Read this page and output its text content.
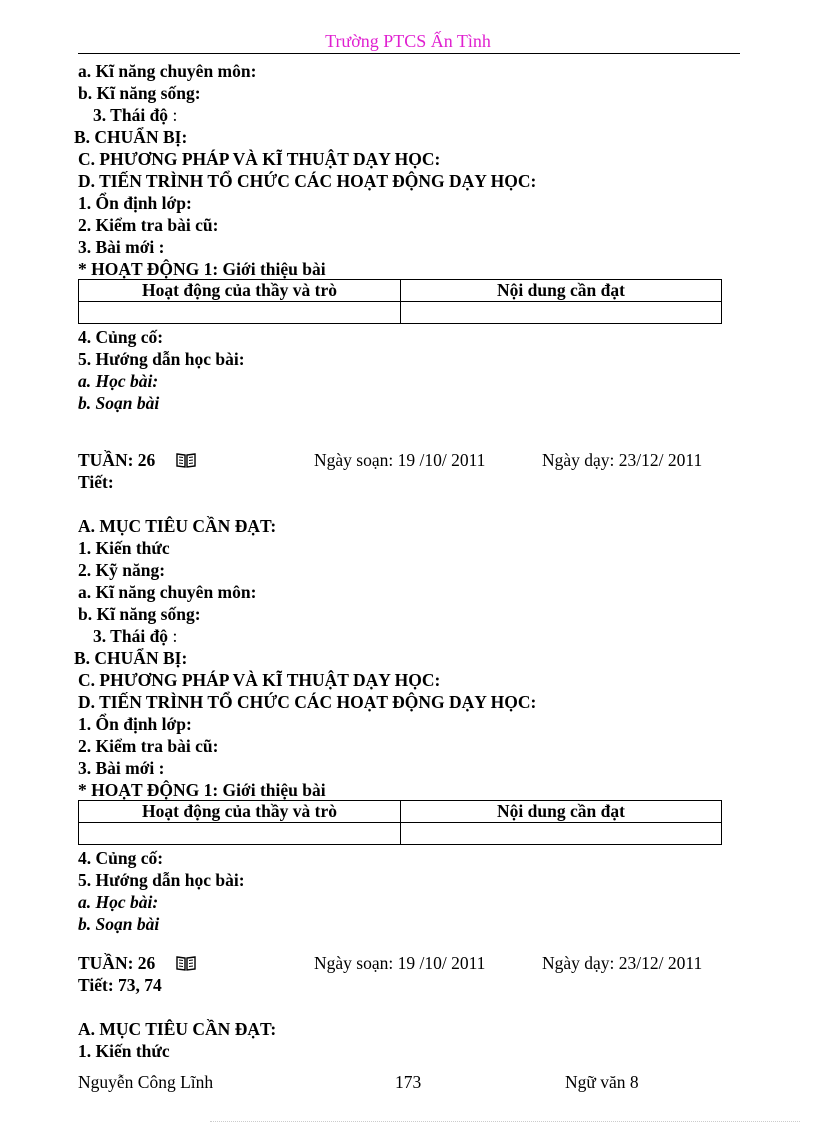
Trường PTCS Ấn Tình
a. Kĩ năng chuyên môn:
b. Kĩ năng sống:
3. Thái độ :
B. CHUẨN BỊ:
C. PHƯƠNG PHÁP VÀ KĨ THUẬT DẠY HỌC:
D. TIẾN TRÌNH TỔ CHỨC CÁC HOẠT ĐỘNG DẠY HỌC:
1. Ổn định lớp:
2. Kiểm tra bài cũ:
3. Bài mới :
* HOẠT ĐỘNG 1: Giới thiệu bài
Hoạt động của thầy và trò	Nội dung cần đạt

4. Củng cố:
5. Hướng dẫn học bài:
a. Học bài:
b. Soạn bài
TUẦN: 26	Ngày soạn: 19 /10/ 2011	Ngày dạy: 23/12/ 2011
Tiết:
A. MỤC TIÊU CẦN ĐẠT:
1. Kiến thức
2. Kỹ năng:
a. Kĩ năng chuyên môn:
b. Kĩ năng sống:
3. Thái độ :
B. CHUẨN BỊ:
C. PHƯƠNG PHÁP VÀ KĨ THUẬT DẠY HỌC:
D. TIẾN TRÌNH TỔ CHỨC CÁC HOẠT ĐỘNG DẠY HỌC:
1. Ổn định lớp:
2. Kiểm tra bài cũ:
3. Bài mới :
* HOẠT ĐỘNG 1: Giới thiệu bài
Hoạt động của thầy và trò	Nội dung cần đạt

4. Củng cố:
5. Hướng dẫn học bài:
a. Học bài:
b. Soạn bài
TUẦN: 26	Ngày soạn: 19 /10/ 2011	Ngày dạy: 23/12/ 2011
Tiết: 73, 74
A. MỤC TIÊU CẦN ĐẠT:
1. Kiến thức
Nguyễn Công Lĩnh	173	Ngữ văn 8
